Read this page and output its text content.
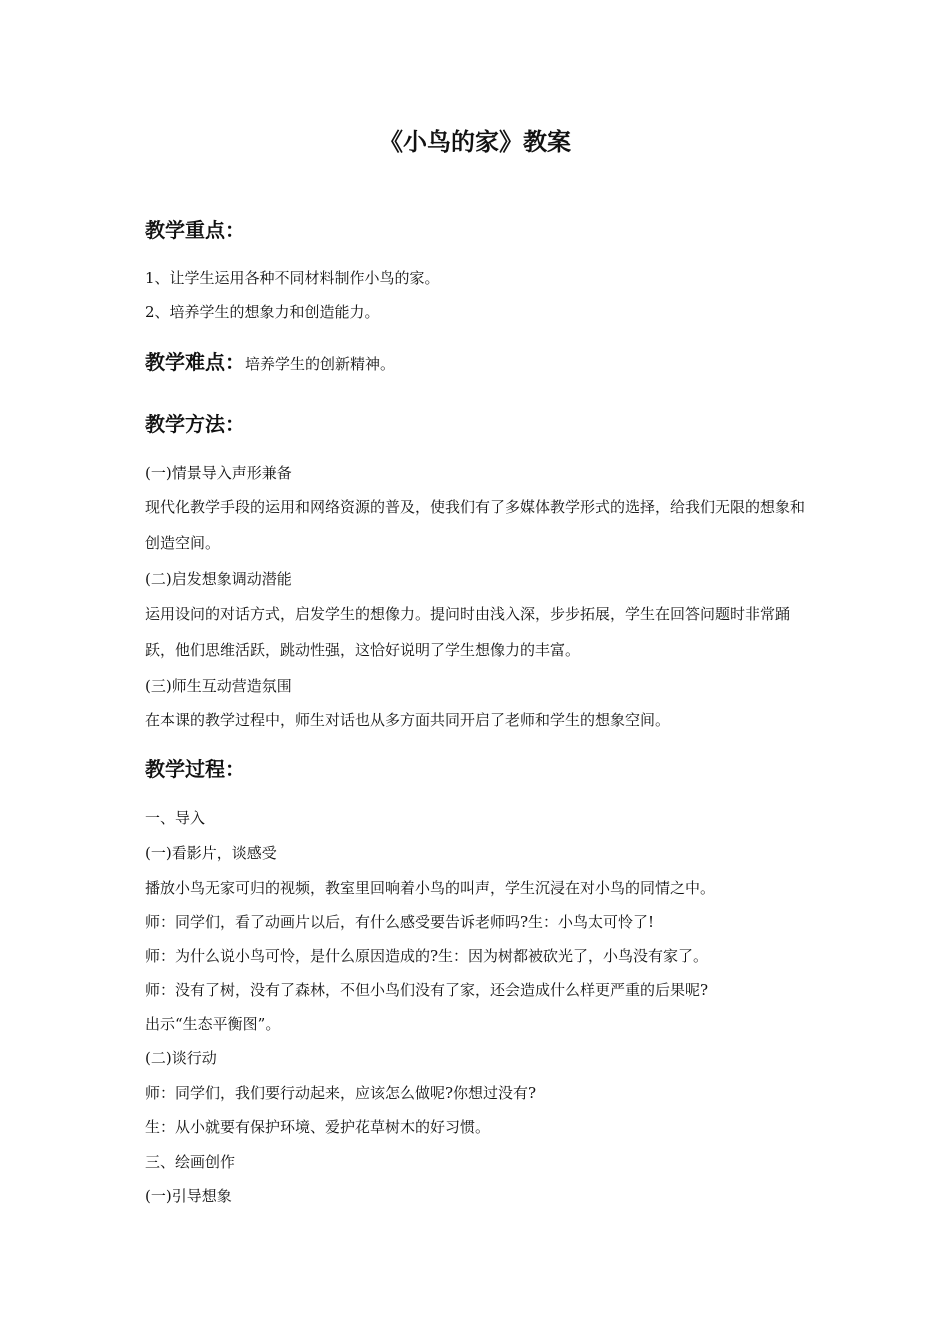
《小鸟的家》教案
教学重点：

1、让学生运用各种不同材料制作小鸟的家。

2、培养学生的想象力和创造能力。

教学难点：培养学生的创新精神。
教学方法：

(一)情景导入声形兼备

现代化教学手段的运用和网络资源的普及，使我们有了多媒体教学形式的选择，给我们无限的想象和创造空间。

(二)启发想象调动潜能

运用设问的对话方式，启发学生的想像力。提问时由浅入深，步步拓展，学生在回答问题时非常踊跃，他们思维活跃，跳动性强，这恰好说明了学生想像力的丰富。

(三)师生互动营造氛围

在本课的教学过程中，师生对话也从多方面共同开启了老师和学生的想象空间。

教学过程：

一、导入

(一)看影片，谈感受

播放小鸟无家可归的视频，教室里回响着小鸟的叫声，学生沉浸在对小鸟的同情之中。

师：同学们，看了动画片以后，有什么感受要告诉老师吗?生：小鸟太可怜了!

师：为什么说小鸟可怜，是什么原因造成的?生：因为树都被砍光了，小鸟没有家了。

师：没有了树，没有了森林，不但小鸟们没有了家，还会造成什么样更严重的后果呢?

出示“生态平衡图”。

(二)谈行动

师：同学们，我们要行动起来，应该怎么做呢?你想过没有?

生：从小就要有保护环境、爱护花草树木的好习惯。

三、绘画创作

(一)引导想象
